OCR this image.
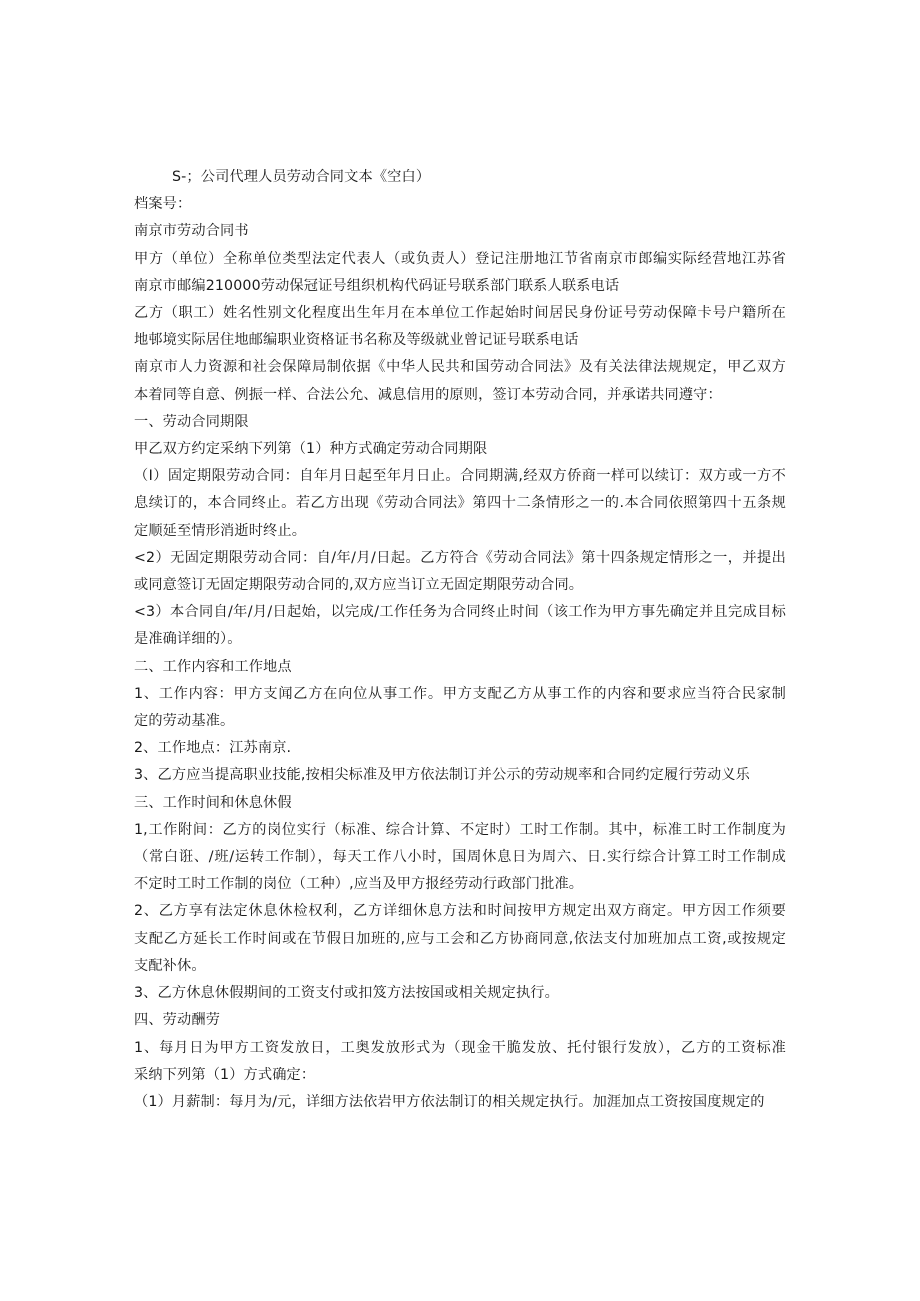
S-；公司代理人员劳动合同文本《空白）
档案号：
南京市劳动合同书
甲方（单位）全称单位类型法定代表人（或负责人）登记注册地江节省南京市郎编实际经营地江苏省
南京市邮编210000劳动保冠证号组织机构代码证号联系部门联系人联系电话
乙方（职工）姓名性别文化程度出生年月在本单位工作起始时间居民身份证号劳动保障卡号户籍所在
地邨境实际居住地邮编职业资格证书名称及等级就业曾记证号联系电话
南京市人力资源和社会保障局制依据《中华人民共和国劳动合同法》及有关法律法规规定，甲乙双方
本着同等自意、例振一样、合法公允、减息信用的原则，签订本劳动合同，并承诺共同遵守：
一、劳动合同期限
甲乙双方约定采纳下列第（1）种方式确定劳动合同期限
（I）固定期限劳动合同：自年月日起至年月日止。合同期满,经双方侨商一样可以续订：双方或一方不
息续订的，本合同终止。若乙方出现《劳动合同法》第四十二条情形之一的.本合同依照第四十五条规
定顺延至情形消逝时终止。
<2）无固定期限劳动合同：自/年/月/日起。乙方符合《劳动合同法》第十四条规定情形之一，并提出
或同意签订无固定期限劳动合同的,双方应当订立无固定期限劳动合同。
<3）本合同自/年/月/日起始，以完成/工作任务为合同终止时间（该工作为甲方事先确定并且完成目标
是准确详细的）。
二、工作内容和工作地点
1、工作内容：甲方支闻乙方在向位从事工作。甲方支配乙方从事工作的内容和要求应当符合民家制
定的劳动基准。
2、工作地点：江苏南京.
3、乙方应当提高职业技能,按相尖标准及甲方依法制订并公示的劳动规率和合同约定履行劳动义乐
三、工作时间和休息休假
1,工作附间：乙方的岗位实行（标准、综合计算、不定时）工时工作制。其中，标准工时工作制度为
（常白诳、/班/运转工作制），每天工作八小时，国周休息日为周六、日.实行综合计算工时工作制成
不定时工时工作制的岗位（工种）,应当及甲方报经劳动行政部门批准。
2、乙方享有法定休息休检权利，乙方详细休息方法和时间按甲方规定出双方商定。甲方因工作须要
支配乙方延长工作时间或在节假日加班的,应与工会和乙方协商同意,依法支付加班加点工资,或按规定
支配补休。
3、乙方休息休假期间的工资支付或扣笈方法按国或相关规定执行。
四、劳动酬劳
1、每月日为甲方工资发放日，工奥发放形式为（现金干脆发放、托付银行发放），乙方的工资标准
采纳下列第（1）方式确定：
（1）月薪制：每月为/元，详细方法依岩甲方依法制订的相关规定执行。加涯加点工资按国度规定的
